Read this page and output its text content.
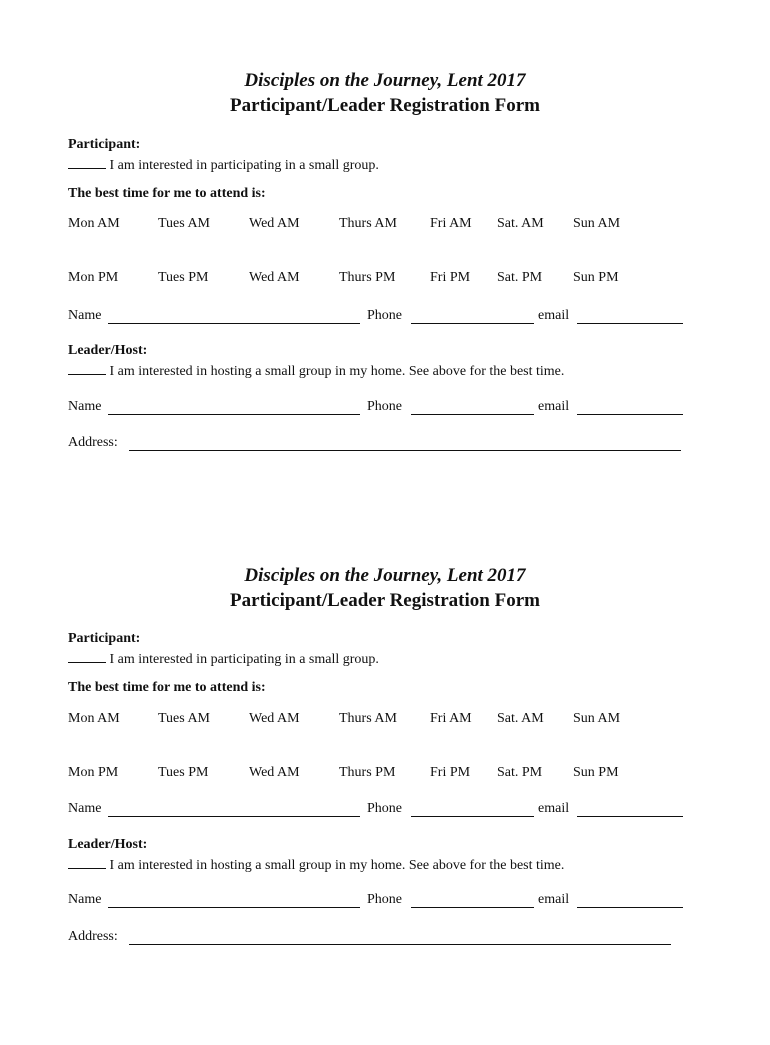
Disciples on the Journey, Lent 2017
Participant/Leader Registration Form
Participant:
I am interested in participating in a small group.
The best time for me to attend is:
Mon AM	Tues AM	Wed AM	Thurs AM Fri AM Sat. AM Sun AM
Mon PM	Tues PM	Wed AM	Thurs PM Fri PM Sat. PM Sun PM
Name	Phone	email
Leader/Host:
I am interested in hosting a small group in my home. See above for the best time.
Name	Phone	email
Address:
Disciples on the Journey, Lent 2017
Participant/Leader Registration Form
Participant:
I am interested in participating in a small group.
The best time for me to attend is:
Mon AM	Tues AM	Wed AM	Thurs AM Fri AM Sat. AM Sun AM
Mon PM	Tues PM	Wed AM	Thurs PM Fri PM Sat. PM Sun PM
Name	Phone	email
Leader/Host:
I am interested in hosting a small group in my home. See above for the best time.
Name	Phone	email
Address:
